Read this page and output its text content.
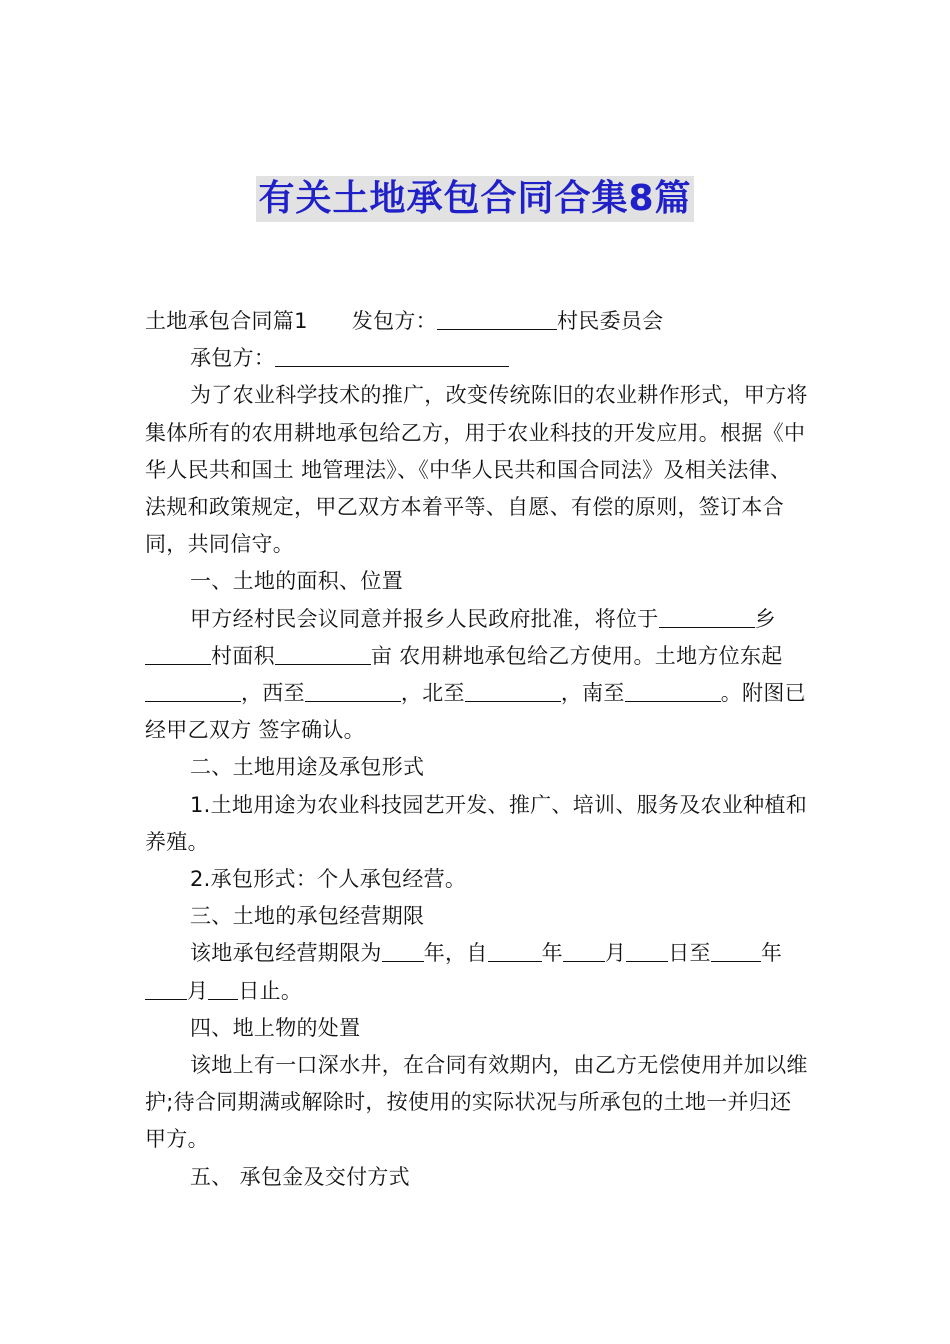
有关土地承包合同合集8篇

土地承包合同篇1 发包方：	村民委员会

承包方：

为了农业科学技术的推广，改变传统陈旧的农业耕作形式，甲方将集体所有的农用耕地承包给乙方，用于农业科技的开发应用。根据《中华人民共和国土 地管理法》、《中华人民共和国合同法》及相关法律、法规和政策规定，甲乙双方本着平等、自愿、有偿的原则，签订本合同，共同信守。

一、土地的面积、位置

甲方经村民会议同意并报乡人民政府批准，将位于	乡村面积	亩 农用耕地承包给乙方使用。土地方位东起，西至	，北至	，南至	。附图已经甲乙双方 签字确认。

二、土地用途及承包形式

1.土地用途为农业科技园艺开发、推广、培训、服务及农业种植和养殖。

2.承包形式：个人承包经营。

三、土地的承包经营期限

该地承包经营期限为 年，自	年 月 日至 年月 日止。

四、地上物的处置

该地上有一口深水井，在合同有效期内，由乙方无偿使用并加以维护;待合同期满或解除时，按使用的实际状况与所承包的土地一并归还甲方。

五、 承包金及交付方式
